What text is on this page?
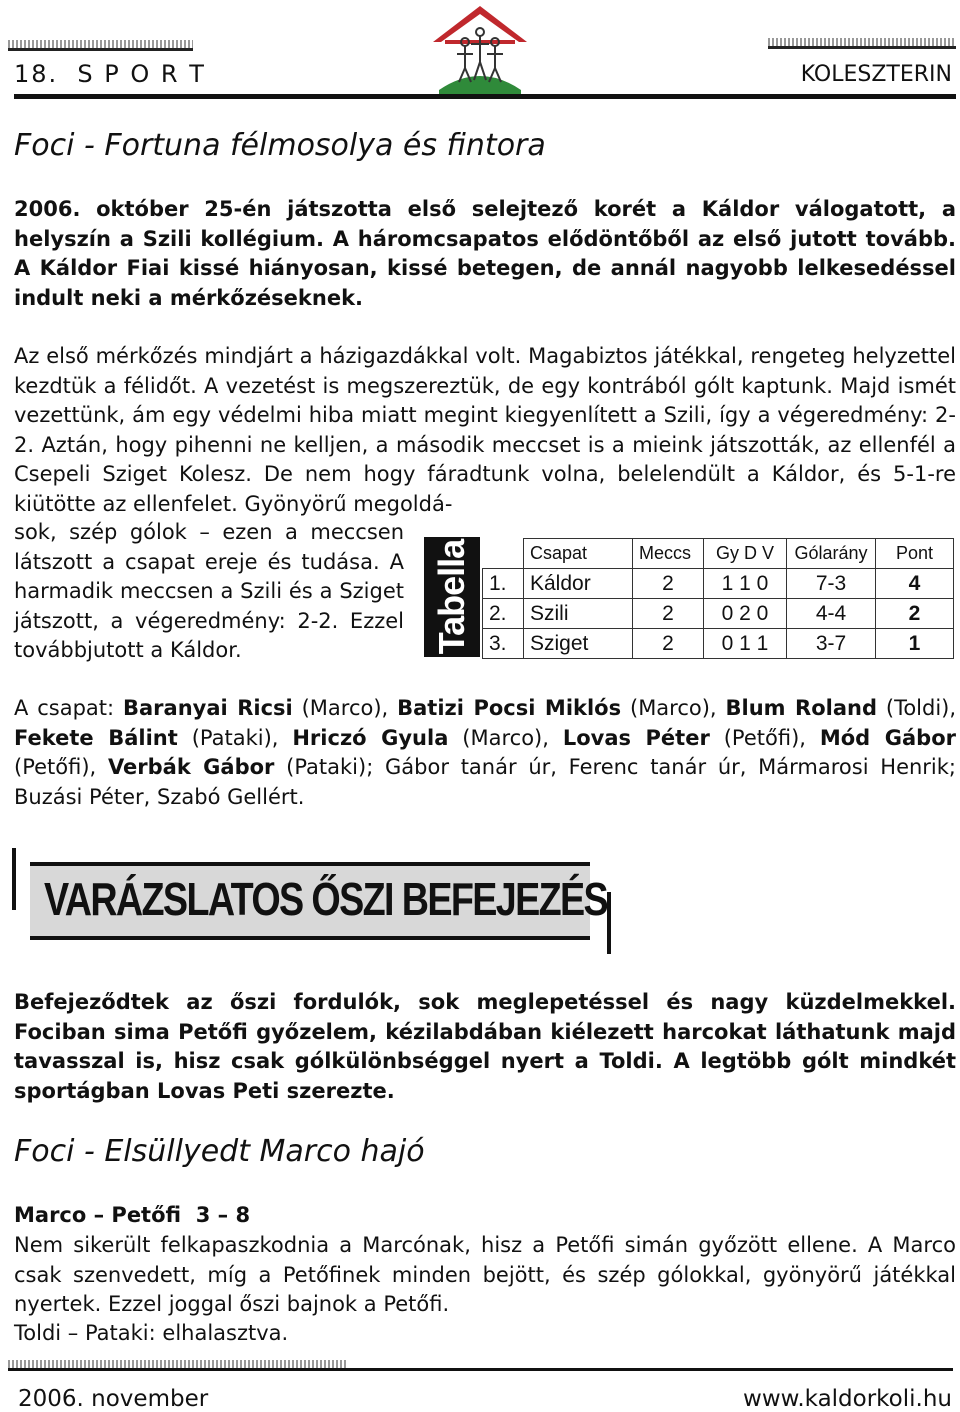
18.  S P O R T	KOLESZTERIN
Foci - Fortuna félmosolya és fintora
2006. október 25-én játszotta első selejtező korét a Káldor válogatott, a helyszín a Szili kollégium. A háromcsapatos elődöntőből az első jutott tovább. A Káldor Fiai kissé hiányosan, kissé betegen, de annál nagyobb lelkesedéssel indult neki a mérkőzéseknek.
Az első mérkőzés mindjárt a házigazdákkal volt. Magabiztos játékkal, rengeteg helyzettel kezdtük a félidőt. A vezetést is megszereztük, de egy kontrából gólt kaptunk. Majd ismét vezettünk, ám egy védelmi hiba miatt megint kiegyenlített a Szili, így a végeredmény: 2-2. Aztán, hogy pihenni ne kelljen, a második meccset is a mieink játszották, az ellenfél a Csepeli Sziget Kolesz. De nem hogy fáradtunk volna, belelendült a Káldor, és 5-1-re kiütötte az ellenfelet. Gyönyörű megoldá-
sok, szép gólok – ezen a meccsen látszott a csapat ereje és tudása. A harmadik meccsen a Szili és a Sziget játszott, a végeredmény: 2-2. Ezzel továbbjutott a Káldor.	Tabella
		Csapat	Meccs	Gy D V	Gólarány	Pont
1.	Káldor	2	1 1 0	7-3	4
2.	Szili	2	0 2 0	4-4	2
3.	Sziget	2	0 1 1	3-7	1
A csapat: Baranyai Ricsi (Marco), Batizi Pocsi Miklós (Marco), Blum Roland (Toldi), Fekete Bálint (Pataki), Hriczó Gyula (Marco), Lovas Péter (Petőfi), Mód Gábor (Petőfi), Verbák Gábor (Pataki); Gábor tanár úr, Ferenc tanár úr, Mármarosi Henrik; Buzási Péter, Szabó Gellért.
VARÁZSLATOS ŐSZI BEFEJEZÉS
Befejeződtek az őszi fordulók, sok meglepetéssel és nagy küzdelmekkel. Fociban sima Petőfi győzelem, kézilabdában kiélezett harcokat láthatunk majd tavasszal is, hisz csak gólkülönbséggel nyert a Toldi. A legtöbb gólt mindkét sportágban Lovas Peti szerezte.
Foci - Elsüllyedt Marco hajó
Marco – Petőfi  3 – 8
Nem sikerült felkapaszkodnia a Marcónak, hisz a Petőfi simán győzött ellene. A Marco csak szenvedett, míg a Petőfinek minden bejött, és szép gólokkal, gyönyörű játékkal nyertek. Ezzel joggal őszi bajnok a Petőfi.
Toldi – Pataki: elhalasztva.
2006. november	www.kaldorkoli.hu
